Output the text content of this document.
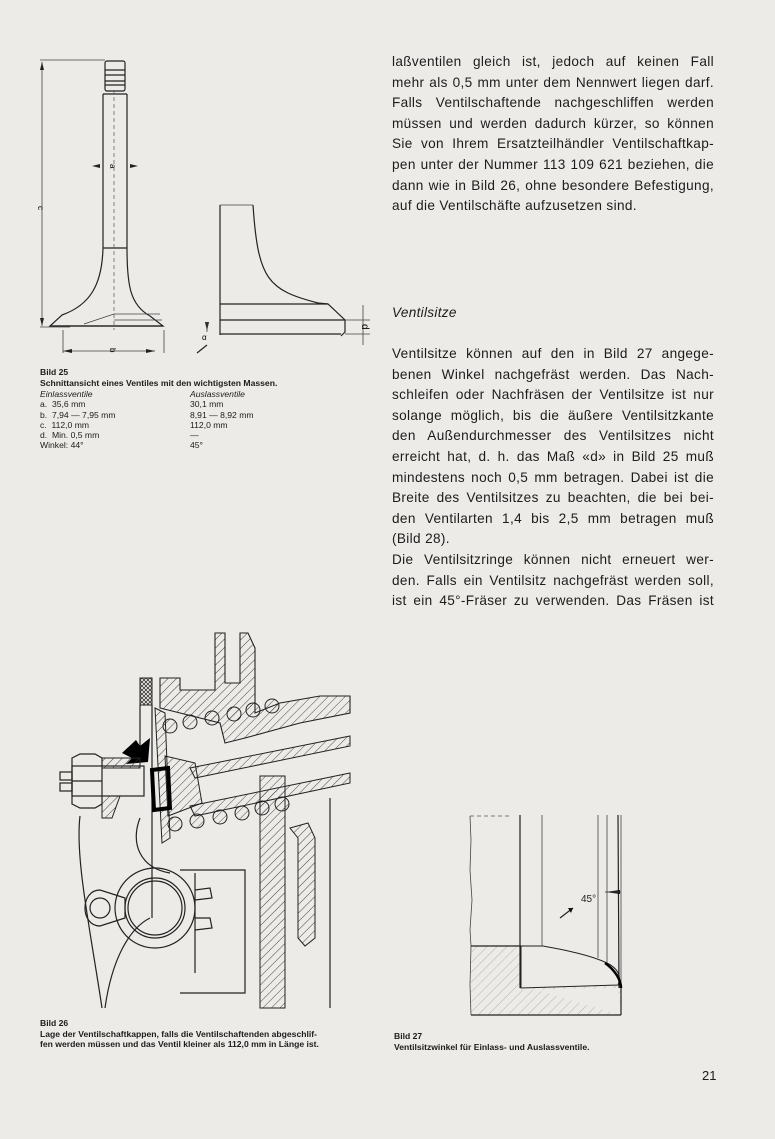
c
a
b
d
α
Bild 25
Schnittansicht eines Ventiles mit den wichtigsten Massen.
Einlassventile	Auslassventile
a. 35,6 mm	30,1 mm
b. 7,94 — 7,95 mm	8,91 — 8,92 mm
c. 112,0 mm	112,0 mm
d. Min. 0,5 mm	—
Winkel: 44°	45°
laßventilen gleich ist, jedoch auf keinen Fall
mehr als 0,5 mm unter dem Nennwert liegen darf.
Falls Ventilschaftende nachgeschliffen werden
müssen und werden dadurch kürzer, so können
Sie von Ihrem Ersatzteilhändler Ventilschaftkap-
pen unter der Nummer 113 109 621 beziehen, die
dann wie in Bild 26, ohne besondere Befestigung,
auf die Ventilschäfte aufzusetzen sind.
Ventilsitze
Ventilsitze können auf den in Bild 27 angege-
benen Winkel nachgefräst werden. Das Nach-
schleifen oder Nachfräsen der Ventilsitze ist nur
solange möglich, bis die äußere Ventilsitzkante
den Außendurchmesser des Ventilsitzes nicht
erreicht hat, d. h. das Maß «d» in Bild 25 muß
mindestens noch 0,5 mm betragen. Dabei ist die
Breite des Ventilsitzes zu beachten, die bei bei-
den Ventilarten 1,4 bis 2,5 mm betragen muß
(Bild 28).
Die Ventilsitzringe können nicht erneuert wer-
den. Falls ein Ventilsitz nachgefräst werden soll,
ist ein 45°-Fräser zu verwenden. Das Fräsen ist
Bild 26
Lage der Ventilschaftkappen, falls die Ventilschaftenden abgeschlif-
fen werden müssen und das Ventil kleiner als 112,0 mm in Länge ist.
45°
Bild 27
Ventilsitzwinkel für Einlass- und Auslassventile.
21
